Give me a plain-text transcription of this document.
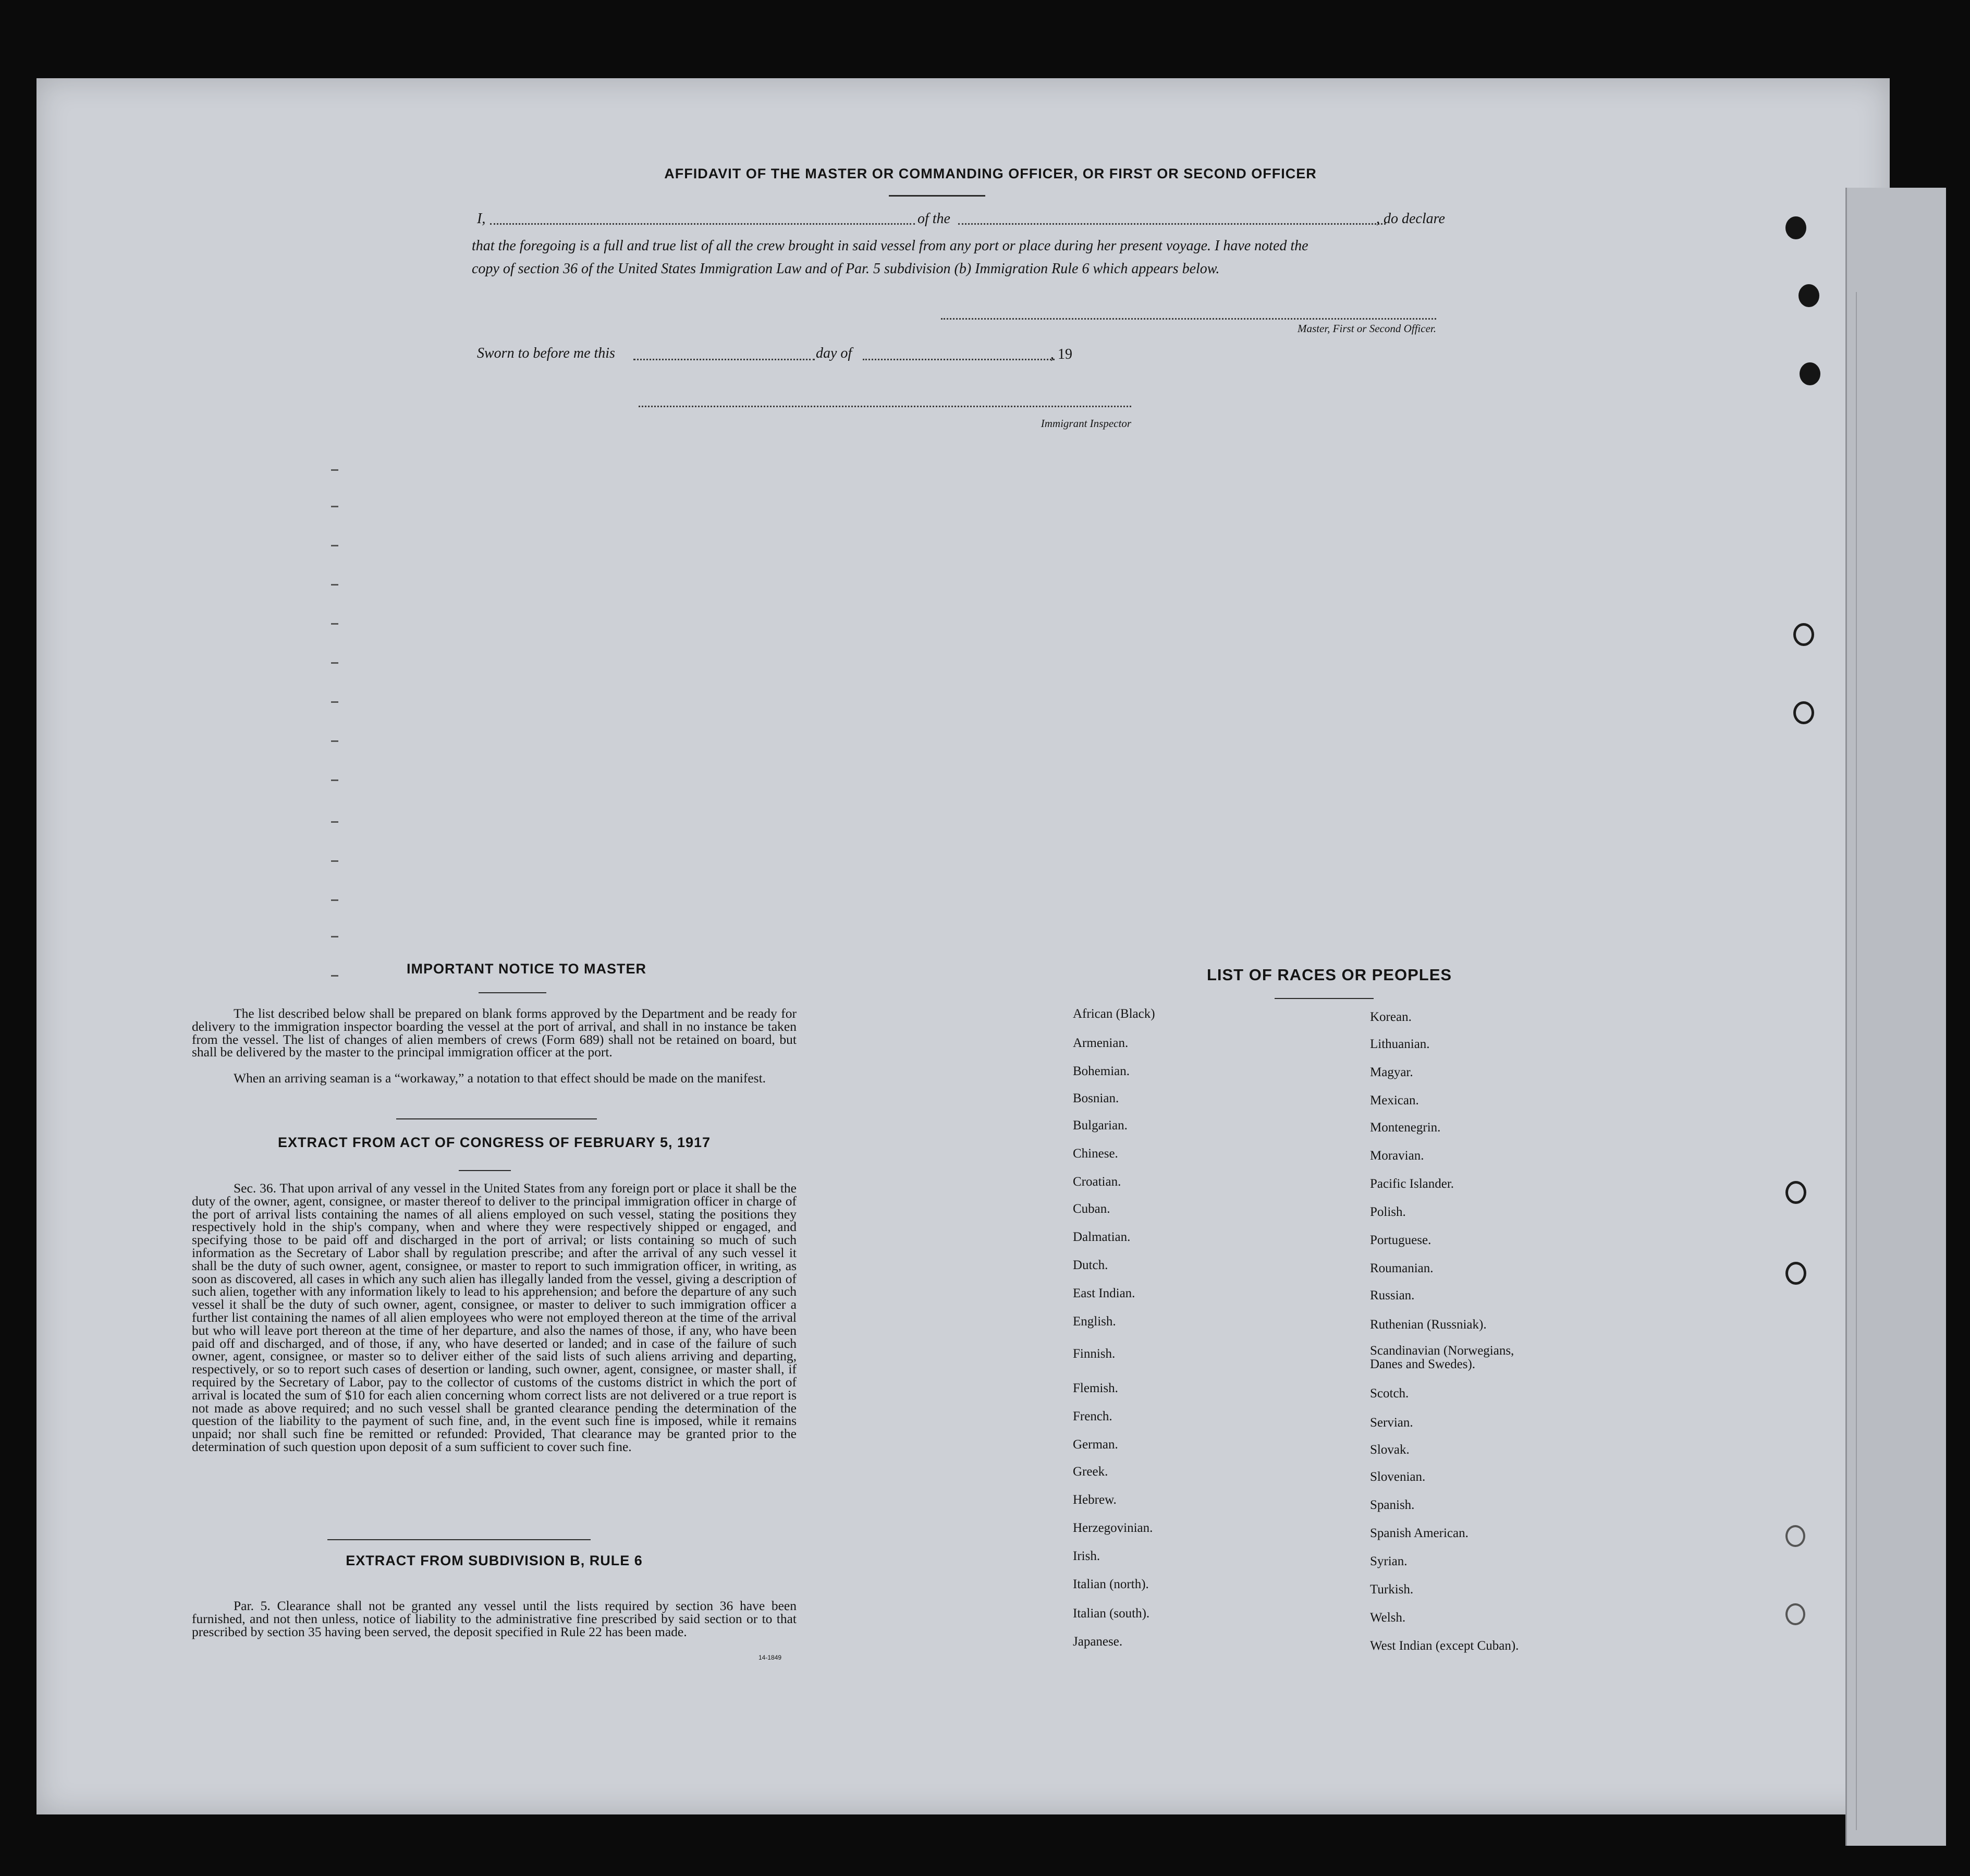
AFFIDAVIT OF THE MASTER OR COMMANDING OFFICER, OR FIRST OR SECOND OFFICER
I,	of the	, do declare
that the foregoing is a full and true list of all the crew brought in said vessel from any port or place during her present voyage. I have noted the
copy of section 36 of the United States Immigration Law and of Par. 5 subdivision (b) Immigration Rule 6 which appears below.
Master, First or Second Officer.
Sworn to before me this	day of	, 19
Immigrant Inspector
IMPORTANT NOTICE TO MASTER
The list described below shall be prepared on blank forms approved by the Department and be ready for delivery to the immigration inspector boarding the vessel at the port of arrival, and shall in no instance be taken from the vessel. The list of changes of alien members of crews (Form 689) shall not be retained on board, but shall be delivered by the master to the principal immigration officer at the port.
When an arriving seaman is a “workaway,” a notation to that effect should be made on the manifest.
EXTRACT FROM ACT OF CONGRESS OF FEBRUARY 5, 1917
Sec. 36. That upon arrival of any vessel in the United States from any foreign port or place it shall be the duty of the owner, agent, consignee, or master thereof to deliver to the principal immigration officer in charge of the port of arrival lists containing the names of all aliens employed on such vessel, stating the positions they respectively hold in the ship's company, when and where they were respectively shipped or engaged, and specifying those to be paid off and discharged in the port of arrival; or lists containing so much of such information as the Secretary of Labor shall by regulation prescribe; and after the arrival of any such vessel it shall be the duty of such owner, agent, consignee, or master to report to such immigration officer, in writing, as soon as discovered, all cases in which any such alien has illegally landed from the vessel, giving a description of such alien, together with any information likely to lead to his apprehension; and before the departure of any such vessel it shall be the duty of such owner, agent, consignee, or master to deliver to such immigration officer a further list containing the names of all alien employees who were not employed thereon at the time of the arrival but who will leave port thereon at the time of her departure, and also the names of those, if any, who have been paid off and discharged, and of those, if any, who have deserted or landed; and in case of the failure of such owner, agent, consignee, or master so to deliver either of the said lists of such aliens arriving and departing, respectively, or so to report such cases of desertion or landing, such owner, agent, consignee, or master shall, if required by the Secretary of Labor, pay to the collector of customs of the customs district in which the port of arrival is located the sum of $10 for each alien concerning whom correct lists are not delivered or a true report is not made as above required; and no such vessel shall be granted clearance pending the determination of the question of the liability to the payment of such fine, and, in the event such fine is imposed, while it remains unpaid; nor shall such fine be remitted or refunded: Provided, That clearance may be granted prior to the determination of such question upon deposit of a sum sufficient to cover such fine.
EXTRACT FROM SUBDIVISION B, RULE 6
Par. 5. Clearance shall not be granted any vessel until the lists required by section 36 have been furnished, and not then unless, notice of liability to the administrative fine prescribed by said section or to that prescribed by section 35 having been served, the deposit specified in Rule 22 has been made.
14-1849
LIST OF RACES OR PEOPLES
African (Black)
Armenian.
Bohemian.
Bosnian.
Bulgarian.
Chinese.
Croatian.
Cuban.
Dalmatian.
Dutch.
East Indian.
English.
Finnish.
Flemish.
French.
German.
Greek.
Hebrew.
Herzegovinian.
Irish.
Italian (north).
Italian (south).
Japanese.
Korean.
Lithuanian.
Magyar.
Mexican.
Montenegrin.
Moravian.
Pacific Islander.
Polish.
Portuguese.
Roumanian.
Russian.
Ruthenian (Russniak).
Scandinavian (Norwegians,
Danes and Swedes).
Scotch.
Servian.
Slovak.
Slovenian.
Spanish.
Spanish American.
Syrian.
Turkish.
Welsh.
West Indian (except Cuban).
